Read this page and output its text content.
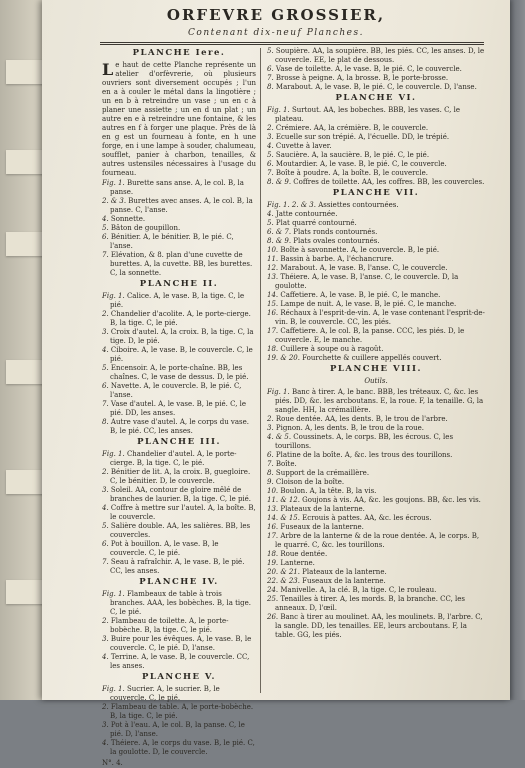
ORFEVRE GROSSIER,
Contenant dix-neuf Planches.
PLANCHE Iere.

Le haut de cette Planche représente un atelier d'orfèvrerie, où plusieurs ouvriers sont diversement occupés ; l'un en a à couler le métal dans la lingotière ; un en b à retreindre un vase ; un en c à planer une assiette ; un en d un plat ; un autre en e à retreindre une fontaine, & les autres en f à forger une plaque. Près de là en g est un fourneau à fonte, en h une forge, en i une lampe à souder, chalumeau, soufflet, panier à charbon, tenailles, & autres ustensiles nécessaires à l'usage du fourneau.

Fig. 1. Burette sans anse. A, le col. B, la panse.

2. & 3. Burettes avec anses. A, le col. B, la panse. C, l'anse.

4. Sonnette.

5. Bâton de goupillon.

6. Bénitier. A, le bénitier. B, le pié. C, l'anse.

7. Elévation, & 8. plan d'une cuvette de burettes. A, la cuvette. BB, les burettes. C, la sonnette.

PLANCHE II.

Fig. 1. Calice. A, le vase. B, la tige. C, le pié.

2. Chandelier d'acolite. A, le porte-cierge. B, la tige. C, le pié.

3. Croix d'autel. A, la croix. B, la tige. C, la tige. D, le pié.

4. Ciboire. A, le vase. B, le couvercle. C, le pié.

5. Encensoir. A, le porte-chaîne. BB, les chaînes. C, le vase de dessus. D, le pié.

6. Navette. A, le couvercle. B, le pié. C, l'anse.

7. Vase d'autel. A, le vase. B, le pié. C, le pié. DD, les anses.

8. Autre vase d'autel. A, le corps du vase. B, le pié. CC, les anses.

PLANCHE III.

Fig. 1. Chandelier d'autel. A, le porte-cierge. B, la tige. C, le pié.

2. Bénitier de lit. A, la croix. B, guegloire. C, le bénitier. D, le couvercle.

3. Soleil. AA, contour de gloire mêlé de branches de laurier. B, la tige. C, le pié.

4. Coffre à mettre sur l'autel. A, la boîte. B, le couvercle.

5. Salière double. AA, les salières. BB, les couvercles.

6. Pot à bouillon. A, le vase. B, le couvercle. C, le pié.

7. Seau à rafraîchir. A, le vase. B, le pié. CC, les anses.

PLANCHE IV.

Fig. 1. Flambeaux de table à trois branches. AAA, les bobèches. B, la tige. C, le pié.

2. Flambeau de toilette. A, le porte-bobèche. B, la tige. C, le pié.

3. Buire pour les évêques. A, le vase. B, le couvercle. C, le pié. D, l'anse.

4. Terrine. A, le vase. B, le couvercle. CC, les anses.

PLANCHE V.

Fig. 1. Sucrier. A, le sucrier. B, le couvercle. C, le pié.

2. Flambeau de table. A, le porte-bobèche. B, la tige. C, le pié.

3. Pot à l'eau. A, le col. B, la panse. C, le pié. D, l'anse.

4. Théiere. A, le corps du vase. B, le pié. C, la goulotte. D, le couvercle.

N°. 4.

5. Soupière. AA, la soupière. BB, les piés. CC, les anses. D, le couvercle. EE, le plat de dessous.

6. Vase de toilette. A, le vase. B, le pié. C, le couvercle.

7. Brosse à peigne. A, la brosse. B, le porte-brosse.

8. Marabout. A, le vase. B, le pié. C, le couvercle. D, l'anse.

PLANCHE VI.

Fig. 1. Surtout. AA, les bobeches. BBB, les vases. C, le plateau.

2. Crémiere. AA, la crémière. B, le couvercle.

3. Ecuelle sur son trépié. A, l'écuelle. DD, le trépié.

4. Cuvette à laver.

5. Saucière. A, la saucière. B, le pié. C, le pié.

6. Moutardier. A, le vase. B, le pié. C, le couvercle.

7. Boîte à poudre. A, la boîte. B, le couvercle.

8. & 9. Coffres de toilette. AA, les coffres. BB, les couvercles.

PLANCHE VII.

Fig. 1. 2. & 3. Assiettes contournées.

4. Jatte contournée.

5. Plat quarré contourné.

6. & 7. Plats ronds contournés.

8. & 9. Plats ovales contournés.

10. Boîte à savonnette. A, le couvercle. B, le pié.

11. Bassin à barbe. A, l'échancrure.

12. Marabout. A, le vase. B, l'anse. C, le couvercle.

13. Théiere. A, le vase. B, l'anse. C, le couvercle. D, la goulotte.

14. Caffetiere. A, le vase. B, le pié. C, le manche.

15. Lampe de nuit. A, le vase. B, le pié. C, le manche.

16. Réchaux à l'esprit-de-vin. A, le vase contenant l'esprit-de-vin. B, le couvercle. CC, les piés.

17. Caffetiere. A, le col. B, la panse. CCC, les piés. D, le couvercle. E, le manche.

18. Cuillere à soupe ou à ragoût.

19. & 20. Fourchette & cuillere appellés couvert.

PLANCHE VIII.
Outils.

Fig. 1. Banc à tirer. A, le banc. BBB, les tréteaux. C, &c. les piés. DD, &c. les arcboutans. E, la roue. F, la tenaille. G, la sangle. HH, la crémaillère.

2. Roue dentée. AA, les dents. B, le trou de l'arbre.

3. Pignon. A, les dents. B, le trou de la roue.

4. & 5. Coussinets. A, le corps. BB, les écrous. C, les tourillons.

6. Platine de la boîte. A, &c. les trous des tourillons.

7. Boîte.

8. Support de la crémaillère.

9. Cloison de la boîte.

10. Boulon. A, la tête. B, la vis.

11. & 12. Goujons à vis. AA, &c. les goujons. BB, &c. les vis.

13. Plateaux de la lanterne.

14. & 15. Ecrouis à pattes. AA, &c. les écrous.

16. Fuseaux de la lanterne.

17. Arbre de la lanterne & de la roue dentée. A, le corps. B, le quarré. C, &c. les tourillons.

18. Roue dentée.

19. Lanterne.

20. & 21. Plateaux de la lanterne.

22. & 23. Fuseaux de la lanterne.

24. Manivelle. A, la clé. B, la tige. C, le rouleau.

25. Tenailles à tirer. A, les mords. B, la branche. CC, les anneaux. D, l'œil.

26. Banc à tirer au moulinet. AA, les moulinets. B, l'arbre. C, la sangle. DD, les tenailles. EE, leurs arcboutans. F, la table. GG, les piés.
